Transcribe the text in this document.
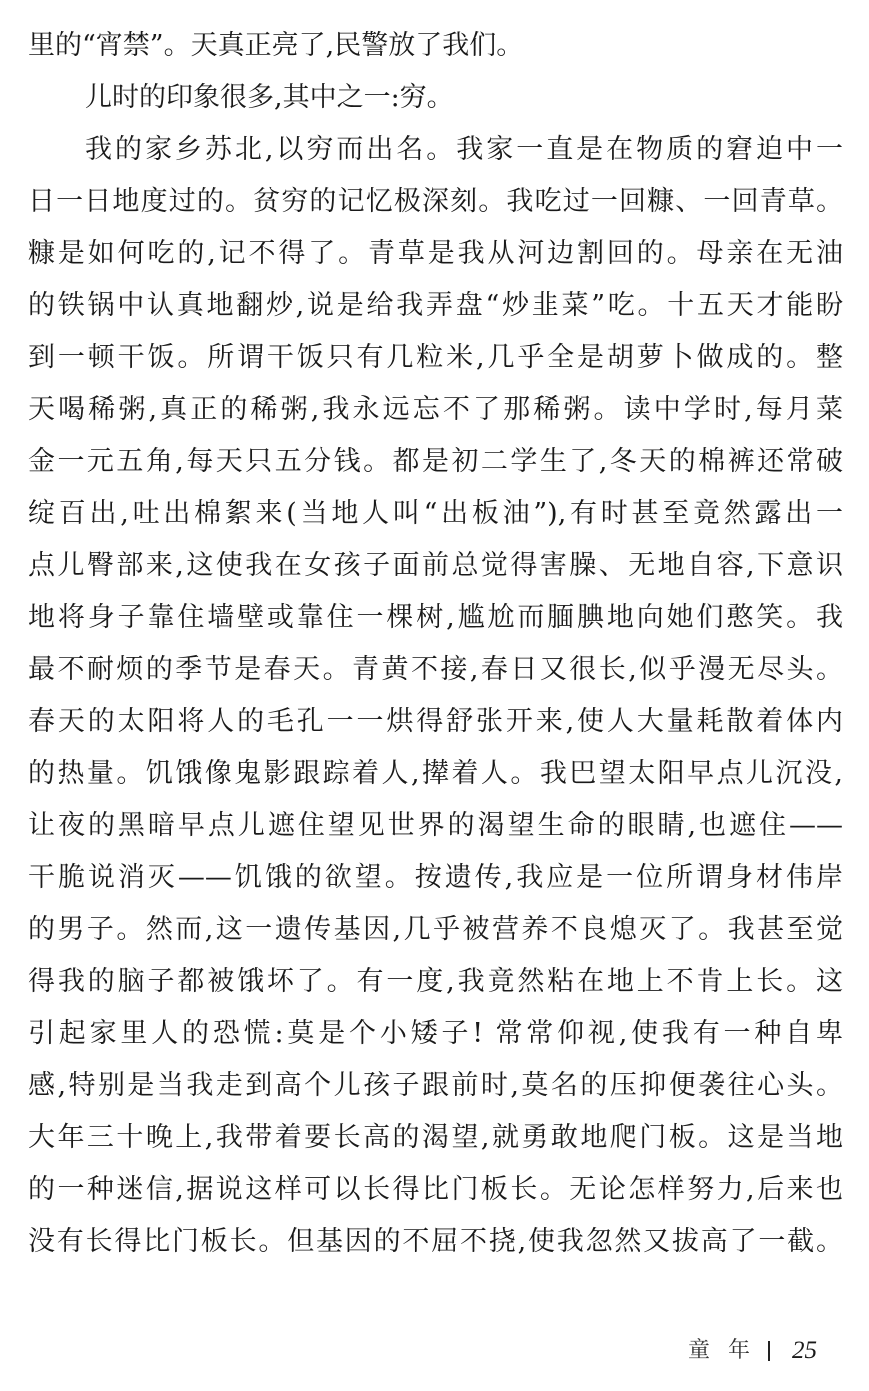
里的“宵禁”。天真正亮了,民警放了我们。
儿时的印象很多,其中之一:穷。
我的家乡苏北,以穷而出名。我家一直是在物质的窘迫中一
日一日地度过的。贫穷的记忆极深刻。我吃过一回糠、一回青草。
糠是如何吃的,记不得了。青草是我从河边割回的。母亲在无油
的铁锅中认真地翻炒,说是给我弄盘“炒韭菜”吃。十五天才能盼
到一顿干饭。所谓干饭只有几粒米,几乎全是胡萝卜做成的。整
天喝稀粥,真正的稀粥,我永远忘不了那稀粥。读中学时,每月菜
金一元五角,每天只五分钱。都是初二学生了,冬天的棉裤还常破
绽百出,吐出棉絮来(当地人叫“出板油”),有时甚至竟然露出一
点儿臀部来,这使我在女孩子面前总觉得害臊、无地自容,下意识
地将身子靠住墙壁或靠住一棵树,尴尬而腼腆地向她们憨笑。我
最不耐烦的季节是春天。青黄不接,春日又很长,似乎漫无尽头。
春天的太阳将人的毛孔一一烘得舒张开来,使人大量耗散着体内
的热量。饥饿像鬼影跟踪着人,撵着人。我巴望太阳早点儿沉没,
让夜的黑暗早点儿遮住望见世界的渴望生命的眼睛,也遮住——
干脆说消灭——饥饿的欲望。按遗传,我应是一位所谓身材伟岸
的男子。然而,这一遗传基因,几乎被营养不良熄灭了。我甚至觉
得我的脑子都被饿坏了。有一度,我竟然粘在地上不肯上长。这
引起家里人的恐慌:莫是个小矮子! 常常仰视,使我有一种自卑
感,特别是当我走到高个儿孩子跟前时,莫名的压抑便袭往心头。
大年三十晚上,我带着要长高的渴望,就勇敢地爬门板。这是当地
的一种迷信,据说这样可以长得比门板长。无论怎样努力,后来也
没有长得比门板长。但基因的不屈不挠,使我忽然又拔高了一截。
童年 25
